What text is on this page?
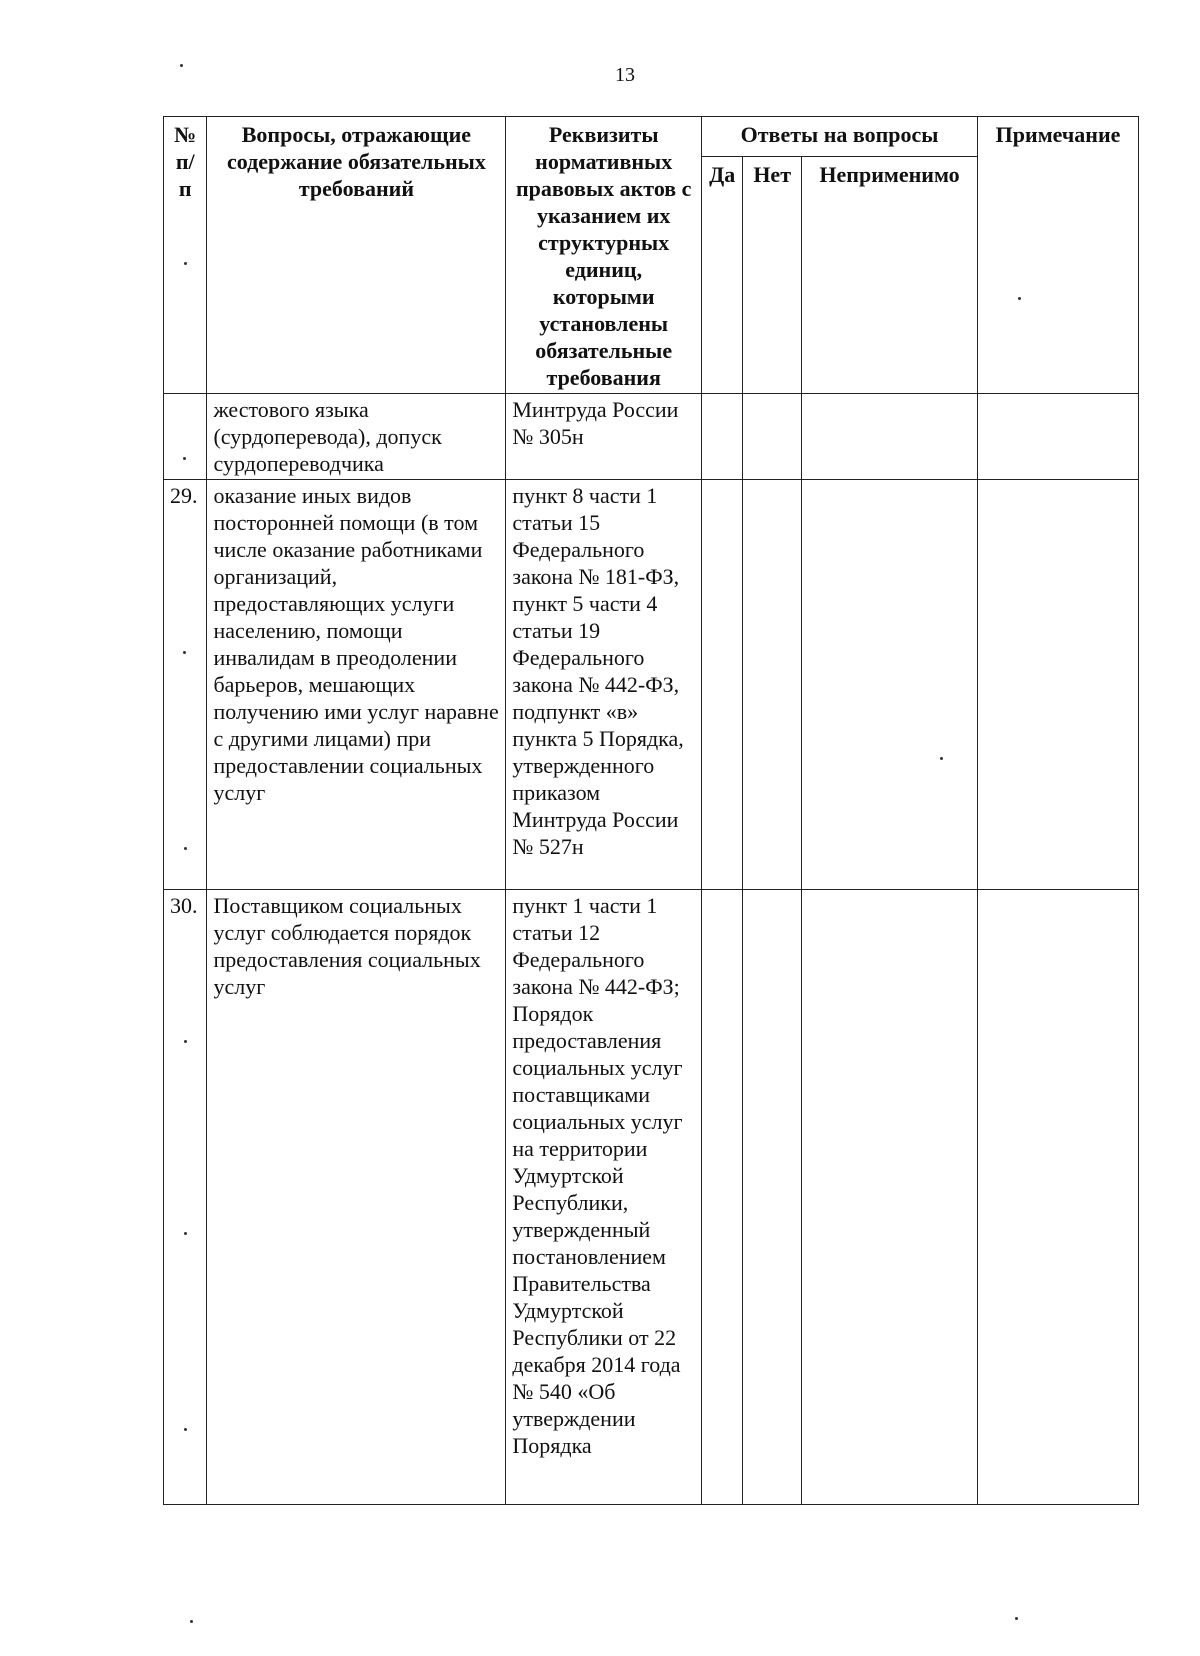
13
№ п/п	Вопросы, отражающие содержание обязательных требований	Реквизиты нормативных правовых актов с указанием их структурных единиц, которыми установлены обязательные требования	Ответы на вопросы			Примечание
			Да	Нет	Неприменимо	
	жестового языка (сурдоперевода), допуск сурдопереводчика	Минтруда России № 305н				
29.	оказание иных видов посторонней помощи (в том числе оказание работниками организаций, предоставляющих услуги населению, помощи инвалидам в преодолении барьеров, мешающих получению ими услуг наравне с другими лицами) при предоставлении социальных услуг	пункт 8 части 1 статьи 15 Федерального закона № 181-ФЗ, пункт 5 части 4 статьи 19 Федерального закона № 442-ФЗ, подпункт «в» пункта 5 Порядка, утвержденного приказом Минтруда России № 527н				
30.	Поставщиком социальных услуг соблюдается порядок предоставления социальных услуг	пункт 1 части 1 статьи 12 Федерального закона № 442-ФЗ; Порядок предоставления социальных услуг поставщиками социальных услуг на территории Удмуртской Республики, утвержденный постановлением Правительства Удмуртской Республики от 22 декабря 2014 года № 540 «Об утверждении Порядка				
